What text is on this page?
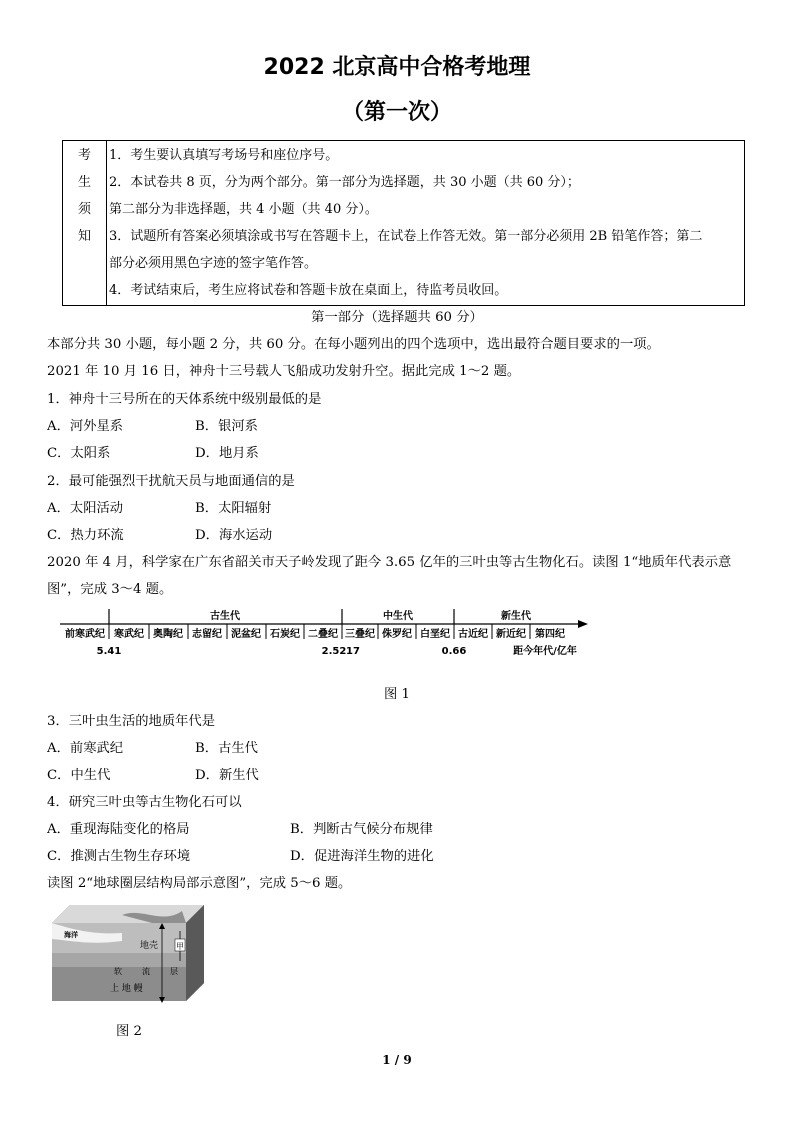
2022 北京高中合格考地理
（第一次）
考
生
须
知
1．考生要认真填写考场号和座位序号。
2．本试卷共 8 页，分为两个部分。第一部分为选择题，共 30 小题（共 60 分）；
第二部分为非选择题，共 4 小题（共 40 分）。
3．试题所有答案必须填涂或书写在答题卡上，在试卷上作答无效。第一部分必须用 2B 铅笔作答；第二
部分必须用黑色字迹的签字笔作答。
4．考试结束后，考生应将试卷和答题卡放在桌面上，待监考员收回。
第一部分（选择题共 60 分）
本部分共 30 小题，每小题 2 分，共 60 分。在每小题列出的四个选项中，选出最符合题目要求的一项。
2021 年 10 月 16 日，神舟十三号载人飞船成功发射升空。据此完成 1～2 题。
1．神舟十三号所在的天体系统中级别最低的是
A．河外星系	B．银河系
C．太阳系	D．地月系
2．最可能强烈干扰航天员与地面通信的是
A．太阳活动	B．太阳辐射
C．热力环流	D．海水运动
2020 年 4 月，科学家在广东省韶关市天子岭发现了距今 3.65 亿年的三叶虫等古生物化石。读图 1“地质年代表示意
图”，完成 3～4 题。
古生代	中生代	新生代
前寒武纪 寒武纪 奥陶纪 志留纪 泥盆纪 石炭纪 二叠纪 三叠纪 侏罗纪 白垩纪 古近纪 新近纪 第四纪
5.41	2.52 17	0.66	距今年代/亿年
图 1
3．三叶虫生活的地质年代是
A．前寒武纪	B．古生代
C．中生代	D．新生代
4．研究三叶虫等古生物化石可以
A．重现海陆变化的格局	B．判断古气候分布规律
C．推测古生物生存环境	D．促进海洋生物的进化
读图 2“地球圈层结构局部示意图”，完成 5～6 题。
海洋
地壳 甲
软	流	层
上 地 幔
图 2
1 / 9
